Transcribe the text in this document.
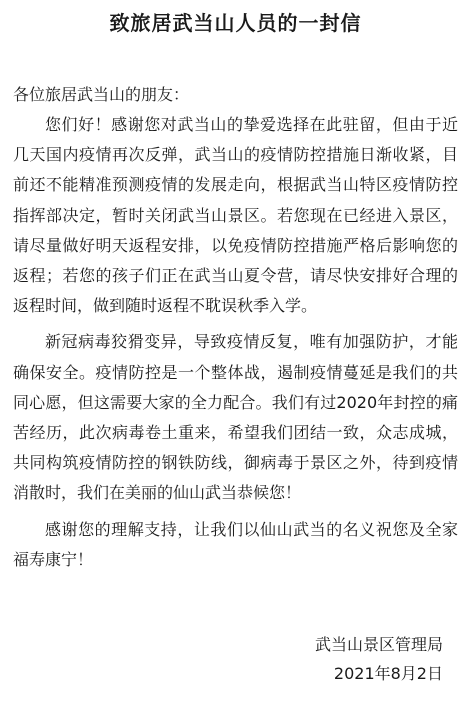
致旅居武当山人员的一封信

各位旅居武当山的朋友：

您们好！感谢您对武当山的挚爱选择在此驻留，但由于近几天国内疫情再次反弹，武当山的疫情防控措施日渐收紧，目前还不能精准预测疫情的发展走向，根据武当山特区疫情防控指挥部决定，暂时关闭武当山景区。若您现在已经进入景区，请尽量做好明天返程安排，以免疫情防控措施严格后影响您的返程；若您的孩子们正在武当山夏令营，请尽快安排好合理的返程时间，做到随时返程不耽误秋季入学。

新冠病毒狡猾变异，导致疫情反复，唯有加强防护，才能确保安全。疫情防控是一个整体战，遏制疫情蔓延是我们的共同心愿，但这需要大家的全力配合。我们有过2020年封控的痛苦经历，此次病毒卷土重来，希望我们团结一致，众志成城，共同构筑疫情防控的钢铁防线，御病毒于景区之外，待到疫情消散时，我们在美丽的仙山武当恭候您！

感谢您的理解支持，让我们以仙山武当的名义祝您及全家福寿康宁！

武当山景区管理局
2021年8月2日
